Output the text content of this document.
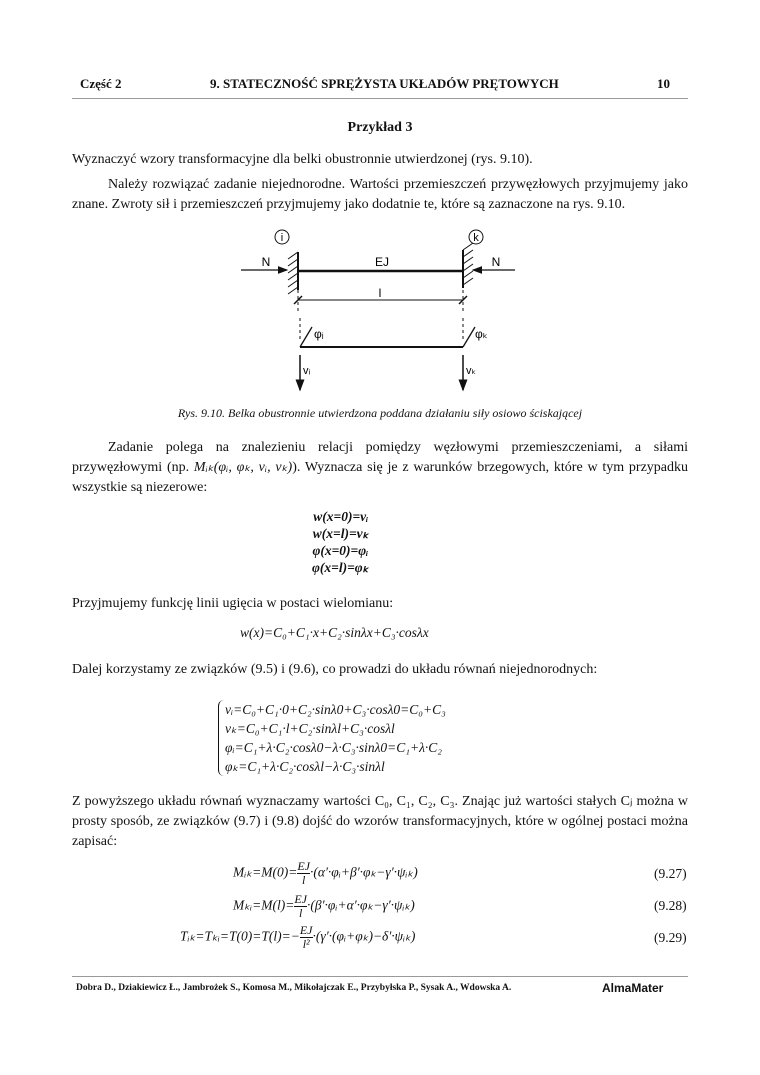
Część 2	9. STATECZNOŚĆ SPRĘŻYSTA UKŁADÓW PRĘTOWYCH	10
Przykład 3
Wyznaczyć wzory transformacyjne dla belki obustronnie utwierdzonej (rys. 9.10).
Należy rozwiązać zadanie niejednorodne. Wartości przemieszczeń przywęzłowych przyjmujemy jako znane. Zwroty sił i przemieszczeń przyjmujemy jako dodatnie te, które są zaznaczone na rys. 9.10.
i	k
EJ
N	N
l
φᵢ	φₖ
vᵢ	vₖ
Rys. 9.10. Belka obustronnie utwierdzona poddana działaniu siły osiowo ściskającej
Zadanie polega na znalezieniu relacji pomiędzy węzłowymi przemieszczeniami, a siłami przywęzłowymi (np. Mᵢₖ(φᵢ, φₖ, vᵢ, vₖ)). Wyznacza się je z warunków brzegowych, które w tym przypadku wszystkie są niezerowe:
w(x=0)=vᵢ
w(x=l)=vₖ
φ(x=0)=φᵢ
φ(x=l)=φₖ
Przyjmujemy funkcję linii ugięcia w postaci wielomianu:
w(x)=C₀+C₁·x+C₂·sinλx+C₃·cosλx
Dalej korzystamy ze związków (9.5) i (9.6), co prowadzi do układu równań niejednorodnych:
vᵢ=C₀+C₁·0+C₂·sinλ0+C₃·cosλ0=C₀+C₃
vₖ=C₀+C₁·l+C₂·sinλl+C₃·cosλl
φᵢ=C₁+λ·C₂·cosλ0−λ·C₃·sinλ0=C₁+λ·C₂
φₖ=C₁+λ·C₂·cosλl−λ·C₃·sinλl
Z powyższego układu równań wyznaczamy wartości C₀, C₁, C₂, C₃. Znając już wartości stałych Cⱼ można w prosty sposób, ze związków (9.7) i (9.8) dojść do wzorów transformacyjnych, które w ogólnej postaci można zapisać:
Mᵢₖ=M(0)= $\frac{EJ}{l}$ ·(α′·φᵢ+β′·φₖ−γ′·ψᵢₖ)	(9.27)
Mₖᵢ=M(l)= $\frac{EJ}{l}$ ·(β′·φᵢ+α′·φₖ−γ′·ψᵢₖ)	(9.28)
Tᵢₖ=Tₖᵢ=T(0)=T(l)=− $\frac{EJ}{\text{l²}}$ ·(γ′·(φᵢ+φₖ)−δ′·ψᵢₖ)	(9.29)
Dobra D., Dziakiewicz Ł., Jambrożek S., Komosa M., Mikołajczak E., Przybyłska P., Sysak A., Wdowska A.	AlmaMater
